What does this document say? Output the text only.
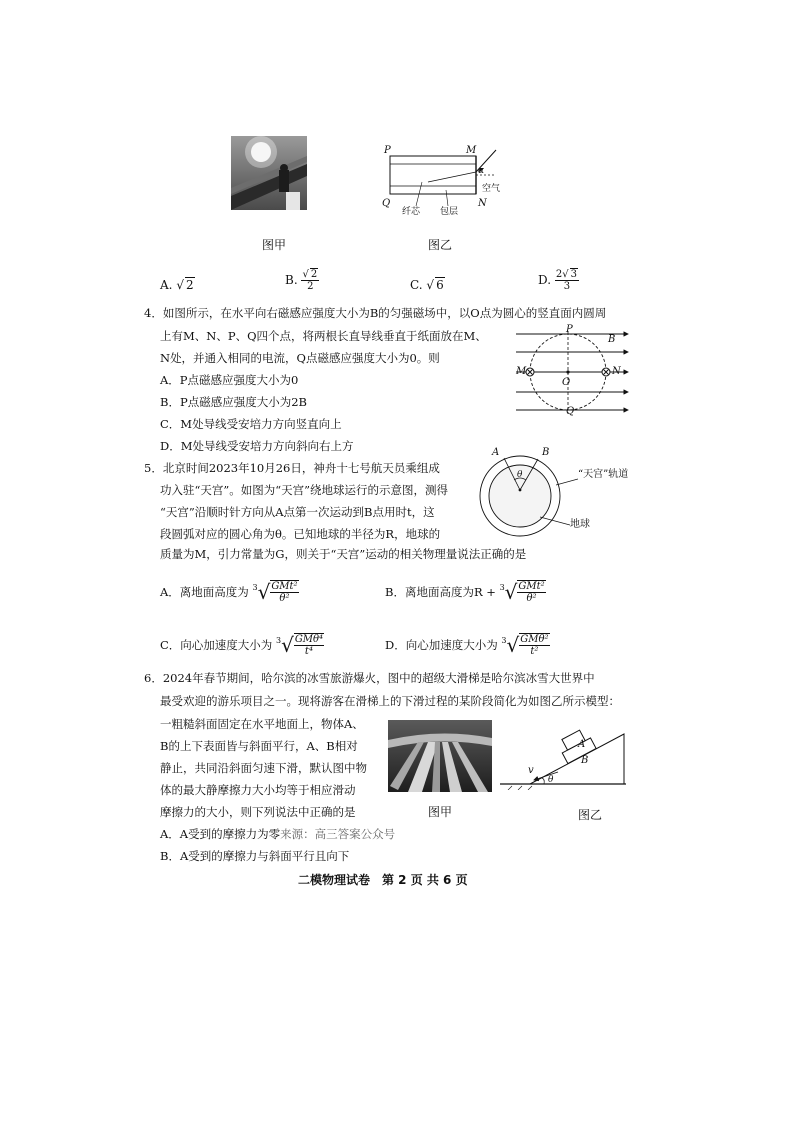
图甲
P	M
Q	N
α
空气
纤芯 包层
图乙
A. √ 2	B. $\frac{√ 2}{2}$	C. √ 6	D. $\frac{2√ 3}{3}$
4．如图所示，在水平向右磁感应强度大小为B的匀强磁场中，以O点为圆心的竖直面内圆周
上有M、N、P、Q四个点，将两根长直导线垂直于纸面放在M、
N处，并通入相同的电流，Q点磁感应强度大小为0。则
A．P点磁感应强度大小为0
B．P点磁感应强度大小为2B
C．M处导线受安培力方向竖直向上
D．M处导线受安培力方向斜向右上方
P
B
M	N
O
Q
5．北京时间2023年10月26日，神舟十七号航天员乘组成
功入驻“天宫”。如图为“天宫”绕地球运行的示意图，测得
“天宫”沿顺时针方向从A点第一次运动到B点用时t，这
段圆弧对应的圆心角为θ。已知地球的半径为R，地球的
质量为M，引力常量为G，则关于“天宫”运动的相关物理量说法正确的是
A	B
θ	“天宫”轨道
地球
A．离地面高度为 $^3√ \frac{\text{GMt²}}{\text{θ²}}$	B．离地面高度为$R + ^3√ \frac{\text{GMt²}}{\text{θ²}}$
C．向心加速度大小为 $^3√ \frac{\text{GMθ⁴}}{\text{t⁴}}$	D．向心加速度大小为 $^3√ \frac{\text{GMθ²}}{\text{t²}}$
6．2024年春节期间，哈尔滨的冰雪旅游爆火，图中的超级大滑梯是哈尔滨冰雪大世界中
最受欢迎的游乐项目之一。现将游客在滑梯上的下滑过程的某阶段简化为如图乙所示模型：
一粗糙斜面固定在水平地面上，物体A、
B的上下表面皆与斜面平行，A、B相对
静止，共同沿斜面匀速下滑，默认图中物
体的最大静摩擦力大小均等于相应滑动
摩擦力的大小，则下列说法中正确的是
A．A受到的摩擦力为零来源：高三答案公众号
B．A受到的摩擦力与斜面平行且向下
图甲
A
B
v
θ
图乙
二模物理试卷　第 2 页 共 6 页
